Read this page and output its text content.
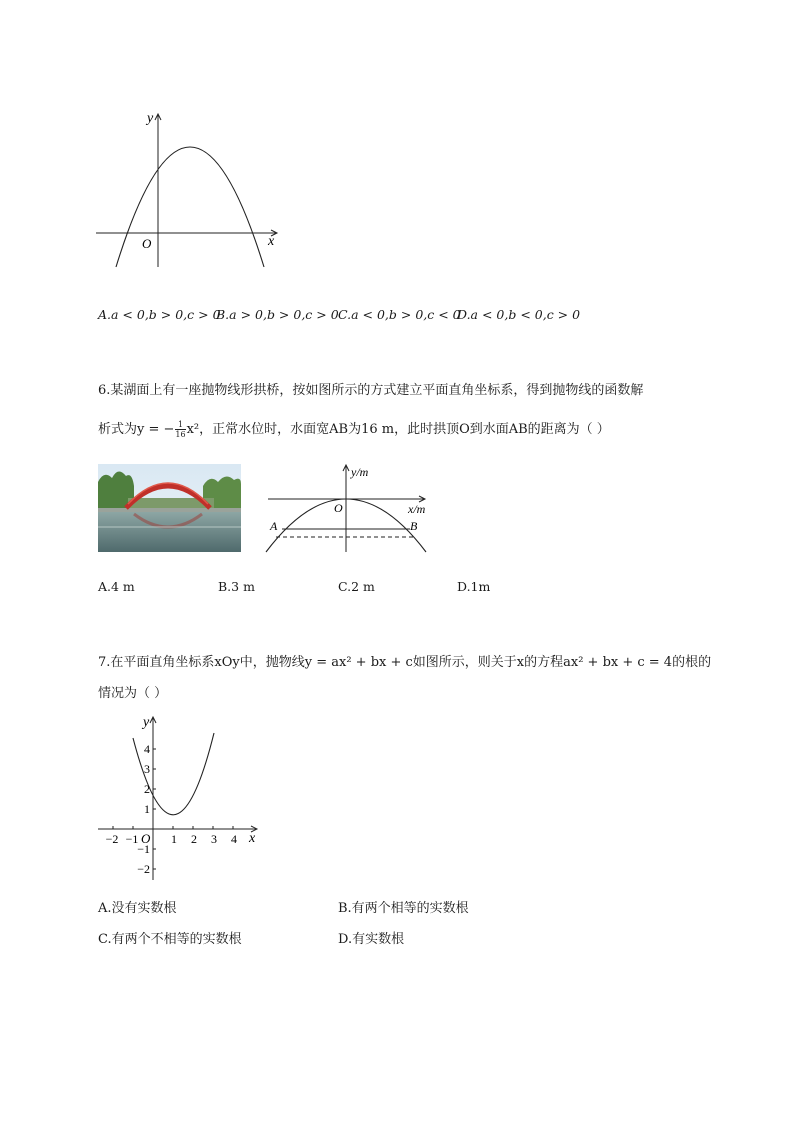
y
x
O
A.a < 0,b > 0,c > 0
B.a > 0,b > 0,c > 0 C.a < 0,b > 0,c < 0
D.a < 0,b < 0,c > 0
6.某湖面上有一座抛物线形拱桥，按如图所示的方式建立平面直角坐标系，得到抛物线的函数解
析式为y = − $\frac{1}{16} x^2$，正常水位时，水面宽AB为16 m，此时拱顶O到水面AB的距离为（ ）
y/m
x/m
O
A	B
A.4 m	B.3 m	C.2 m	D.1m
7.在平面直角坐标系xOy中，抛物线y = ax² + bx + c如图所示，则关于x的方程ax² + bx + c = 4的根的
情况为（ ）
x
y
O
−2 −1	1 2 3 4
4
3
2
1
−1
−2
A.没有实数根	B.有两个相等的实数根
C.有两个不相等的实数根	D.有实数根
